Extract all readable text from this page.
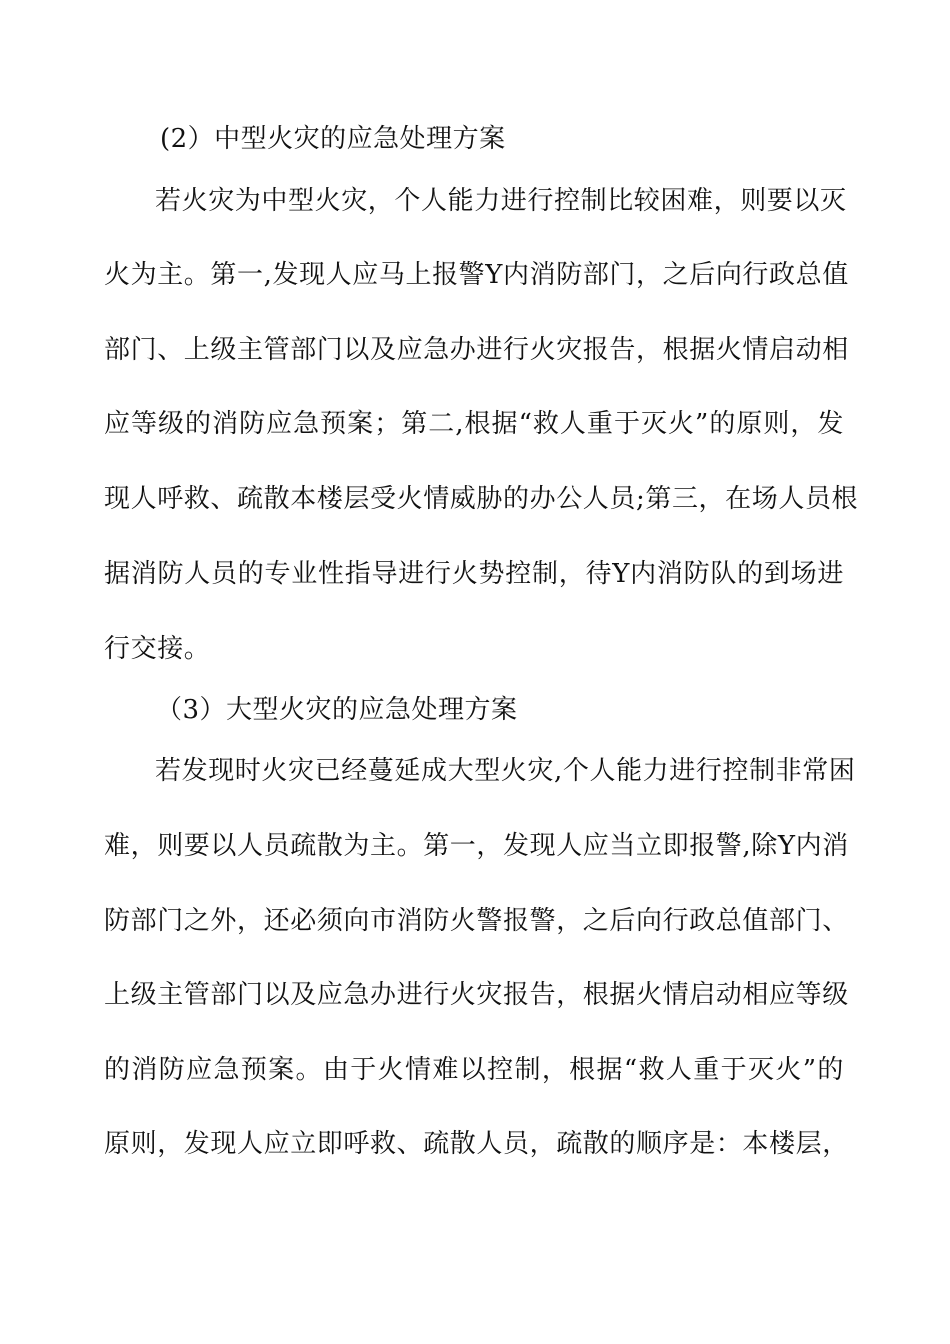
(2）中型火灾的应急处理方案
若火灾为中型火灾，个人能力进行控制比较困难，则要以灭
火为主。第一,发现人应马上报警Y内消防部门，之后向行政总值
部门、上级主管部门以及应急办进行火灾报告，根据火情启动相
应等级的消防应急预案；第二,根据“救人重于灭火”的原则，发
现人呼救、疏散本楼层受火情威胁的办公人员;第三，在场人员根
据消防人员的专业性指导进行火势控制，待Y内消防队的到场进
行交接。
（3）大型火灾的应急处理方案
若发现时火灾已经蔓延成大型火灾,个人能力进行控制非常困
难，则要以人员疏散为主。第一，发现人应当立即报警,除Y内消
防部门之外，还必须向市消防火警报警，之后向行政总值部门、
上级主管部门以及应急办进行火灾报告，根据火情启动相应等级
的消防应急预案。由于火情难以控制，根据“救人重于灭火”的
原则，发现人应立即呼救、疏散人员，疏散的顺序是：本楼层，
